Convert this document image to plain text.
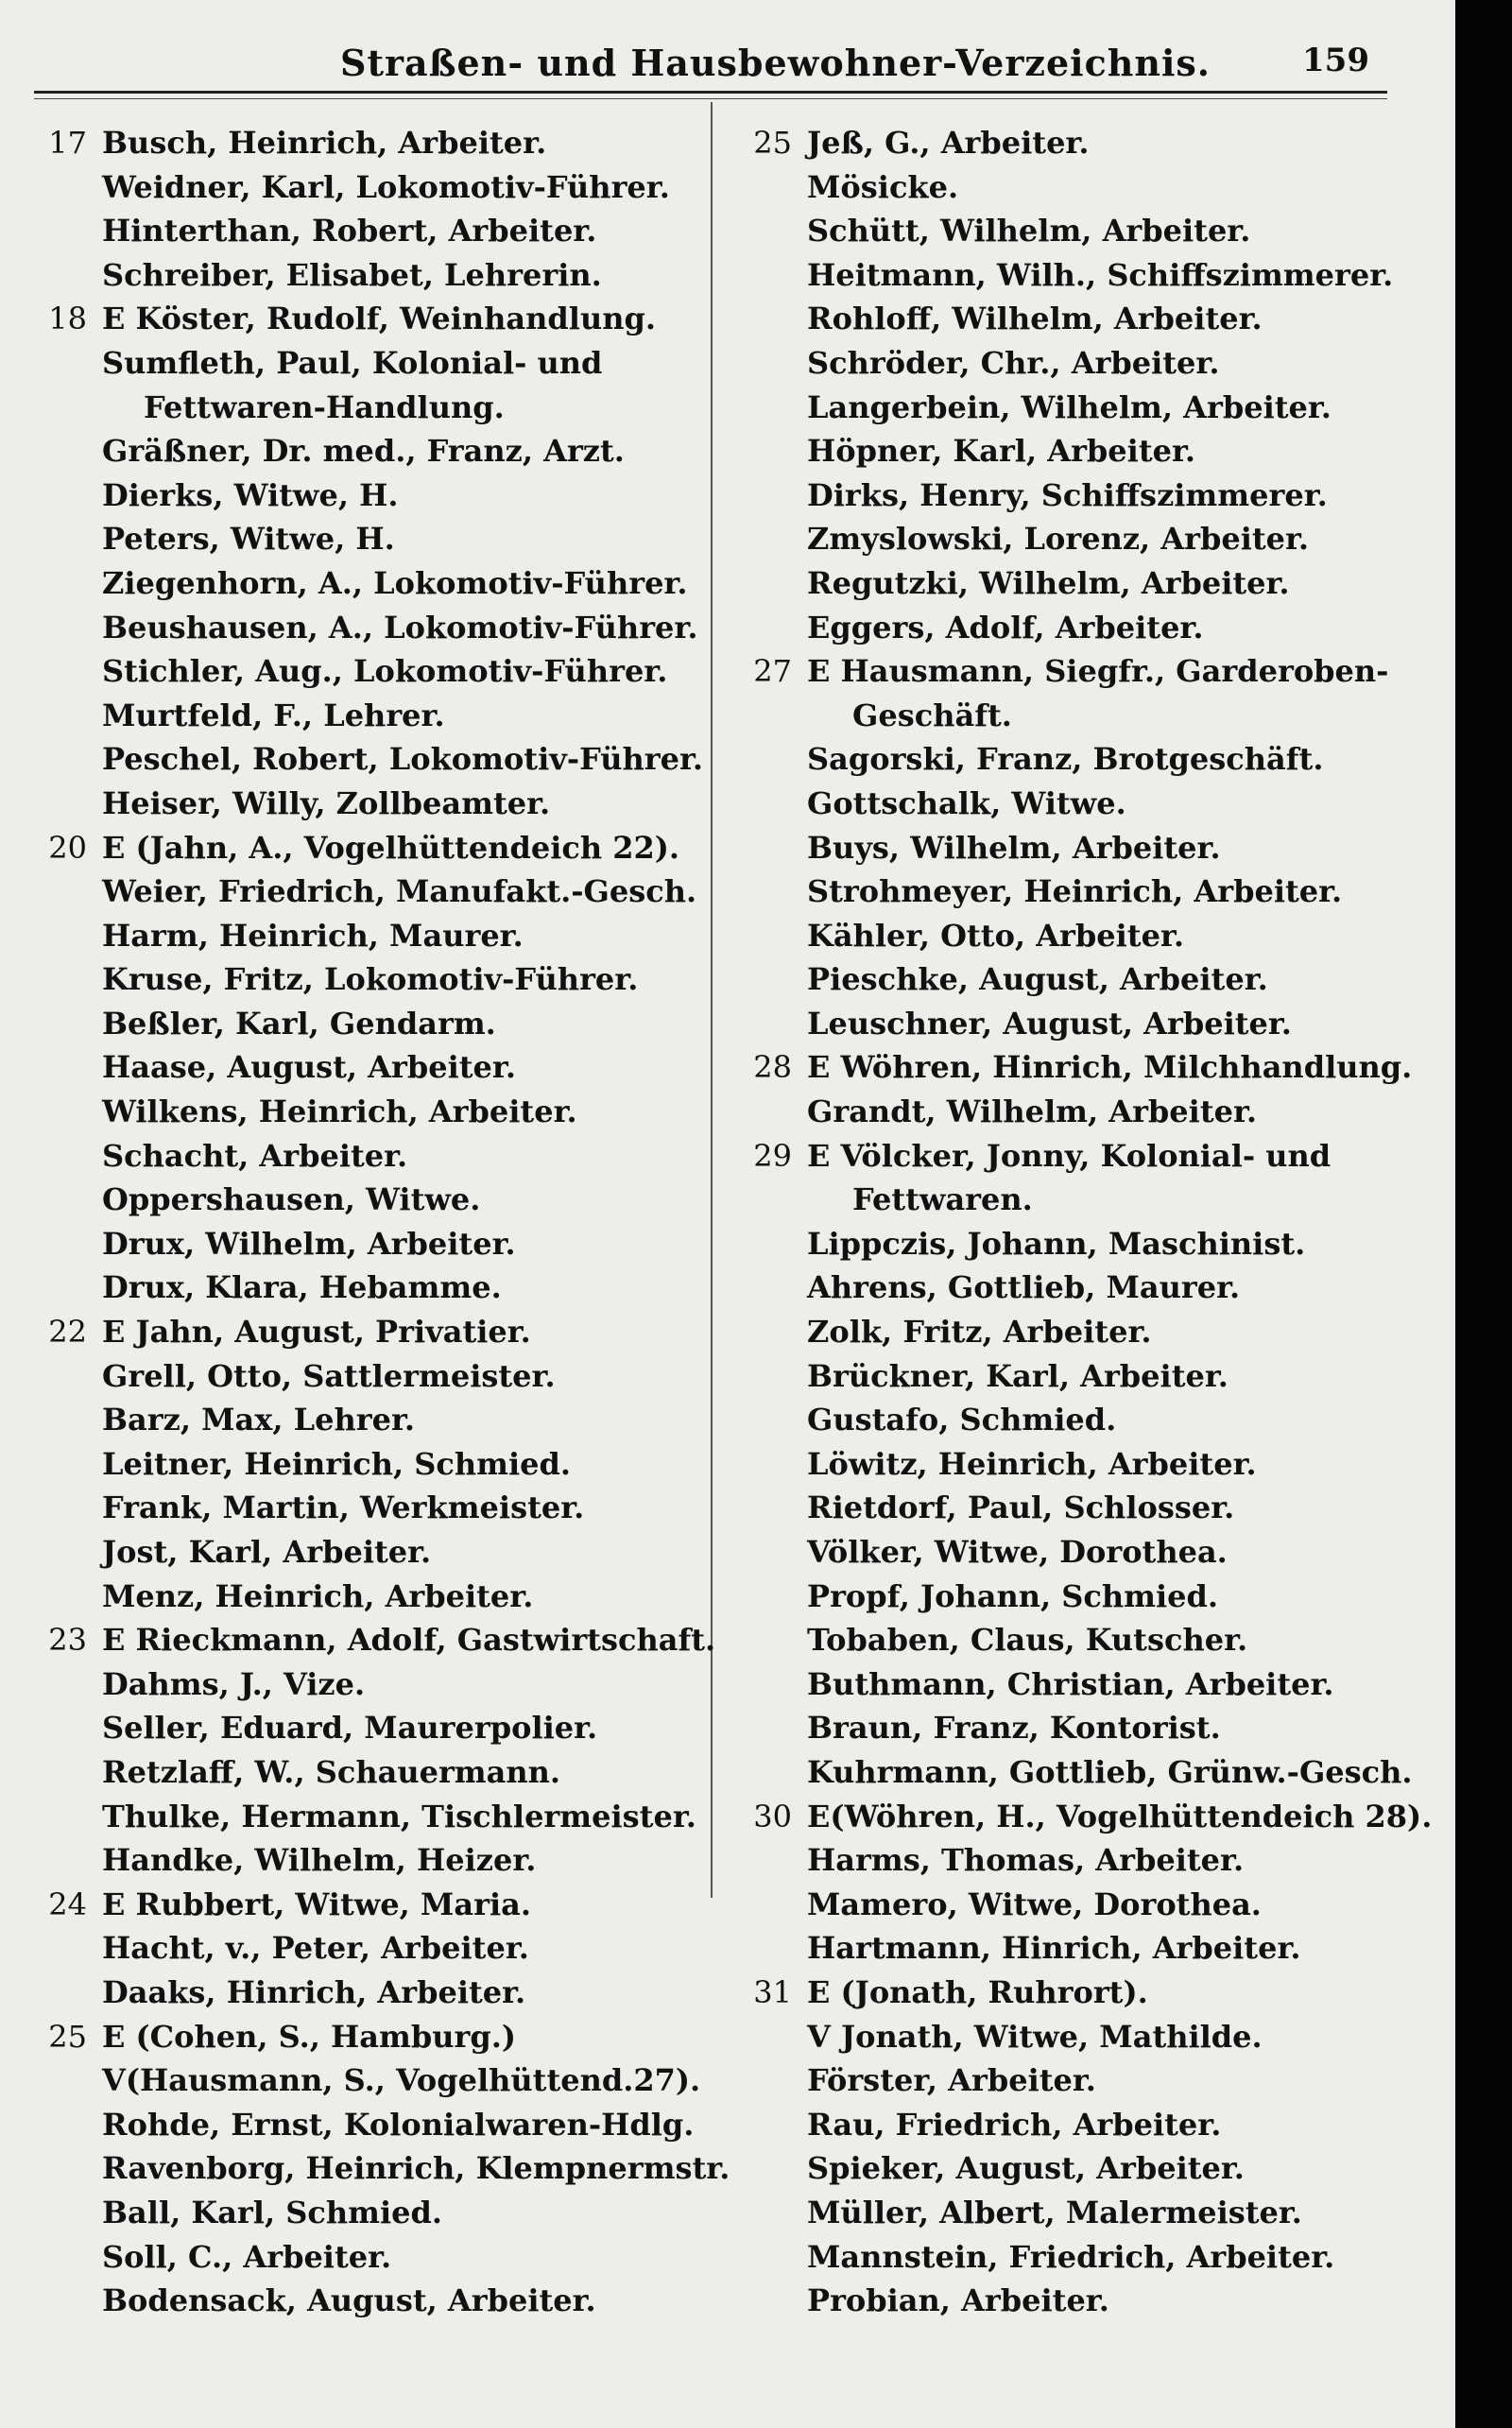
Straßen- und Hausbewohner-Verzeichnis.	159
17 Busch, Heinrich, Arbeiter.
Weidner, Karl, Lokomotiv-Führer.
Hinterthan, Robert, Arbeiter.
Schreiber, Elisabet, Lehrerin.
18 E Köster, Rudolf, Weinhandlung.
Sumfleth, Paul, Kolonial- und
Fettwaren-Handlung.
Gräßner, Dr. med., Franz, Arzt.
Dierks, Witwe, H.
Peters, Witwe, H.
Ziegenhorn, A., Lokomotiv-Führer.
Beushausen, A., Lokomotiv-Führer.
Stichler, Aug., Lokomotiv-Führer.
Murtfeld, F., Lehrer.
Peschel, Robert, Lokomotiv-Führer.
Heiser, Willy, Zollbeamter.
20 E (Jahn, A., Vogelhüttendeich 22).
Weier, Friedrich, Manufakt.-Gesch.
Harm, Heinrich, Maurer.
Kruse, Fritz, Lokomotiv-Führer.
Beßler, Karl, Gendarm.
Haase, August, Arbeiter.
Wilkens, Heinrich, Arbeiter.
Schacht, Arbeiter.
Oppershausen, Witwe.
Drux, Wilhelm, Arbeiter.
Drux, Klara, Hebamme.
22 E Jahn, August, Privatier.
Grell, Otto, Sattlermeister.
Barz, Max, Lehrer.
Leitner, Heinrich, Schmied.
Frank, Martin, Werkmeister.
Jost, Karl, Arbeiter.
Menz, Heinrich, Arbeiter.
23 E Rieckmann, Adolf, Gastwirtschaft.
Dahms, J., Vize.
Seller, Eduard, Maurerpolier.
Retzlaff, W., Schauermann.
Thulke, Hermann, Tischlermeister.
Handke, Wilhelm, Heizer.
24 E Rubbert, Witwe, Maria.
Hacht, v., Peter, Arbeiter.
Daaks, Hinrich, Arbeiter.
25 E (Cohen, S., Hamburg.)
V(Hausmann, S., Vogelhüttend.27).
Rohde, Ernst, Kolonialwaren-Hdlg.
Ravenborg, Heinrich, Klempnermstr.
Ball, Karl, Schmied.
Soll, C., Arbeiter.
Bodensack, August, Arbeiter.
25 Jeß, G., Arbeiter.
Mösicke.
Schütt, Wilhelm, Arbeiter.
Heitmann, Wilh., Schiffszimmerer.
Rohloff, Wilhelm, Arbeiter.
Schröder, Chr., Arbeiter.
Langerbein, Wilhelm, Arbeiter.
Höpner, Karl, Arbeiter.
Dirks, Henry, Schiffszimmerer.
Zmyslowski, Lorenz, Arbeiter.
Regutzki, Wilhelm, Arbeiter.
Eggers, Adolf, Arbeiter.
27 E Hausmann, Siegfr., Garderoben-
Geschäft.
Sagorski, Franz, Brotgeschäft.
Gottschalk, Witwe.
Buys, Wilhelm, Arbeiter.
Strohmeyer, Heinrich, Arbeiter.
Kähler, Otto, Arbeiter.
Pieschke, August, Arbeiter.
Leuschner, August, Arbeiter.
28 E Wöhren, Hinrich, Milchhandlung.
Grandt, Wilhelm, Arbeiter.
29 E Völcker, Jonny, Kolonial- und
Fettwaren.
Lippczis, Johann, Maschinist.
Ahrens, Gottlieb, Maurer.
Zolk, Fritz, Arbeiter.
Brückner, Karl, Arbeiter.
Gustafo, Schmied.
Löwitz, Heinrich, Arbeiter.
Rietdorf, Paul, Schlosser.
Völker, Witwe, Dorothea.
Propf, Johann, Schmied.
Tobaben, Claus, Kutscher.
Buthmann, Christian, Arbeiter.
Braun, Franz, Kontorist.
Kuhrmann, Gottlieb, Grünw.-Gesch.
30 E(Wöhren, H., Vogelhüttendeich 28).
Harms, Thomas, Arbeiter.
Mamero, Witwe, Dorothea.
Hartmann, Hinrich, Arbeiter.
31 E (Jonath, Ruhrort).
V Jonath, Witwe, Mathilde.
Förster, Arbeiter.
Rau, Friedrich, Arbeiter.
Spieker, August, Arbeiter.
Müller, Albert, Malermeister.
Mannstein, Friedrich, Arbeiter.
Probian, Arbeiter.
